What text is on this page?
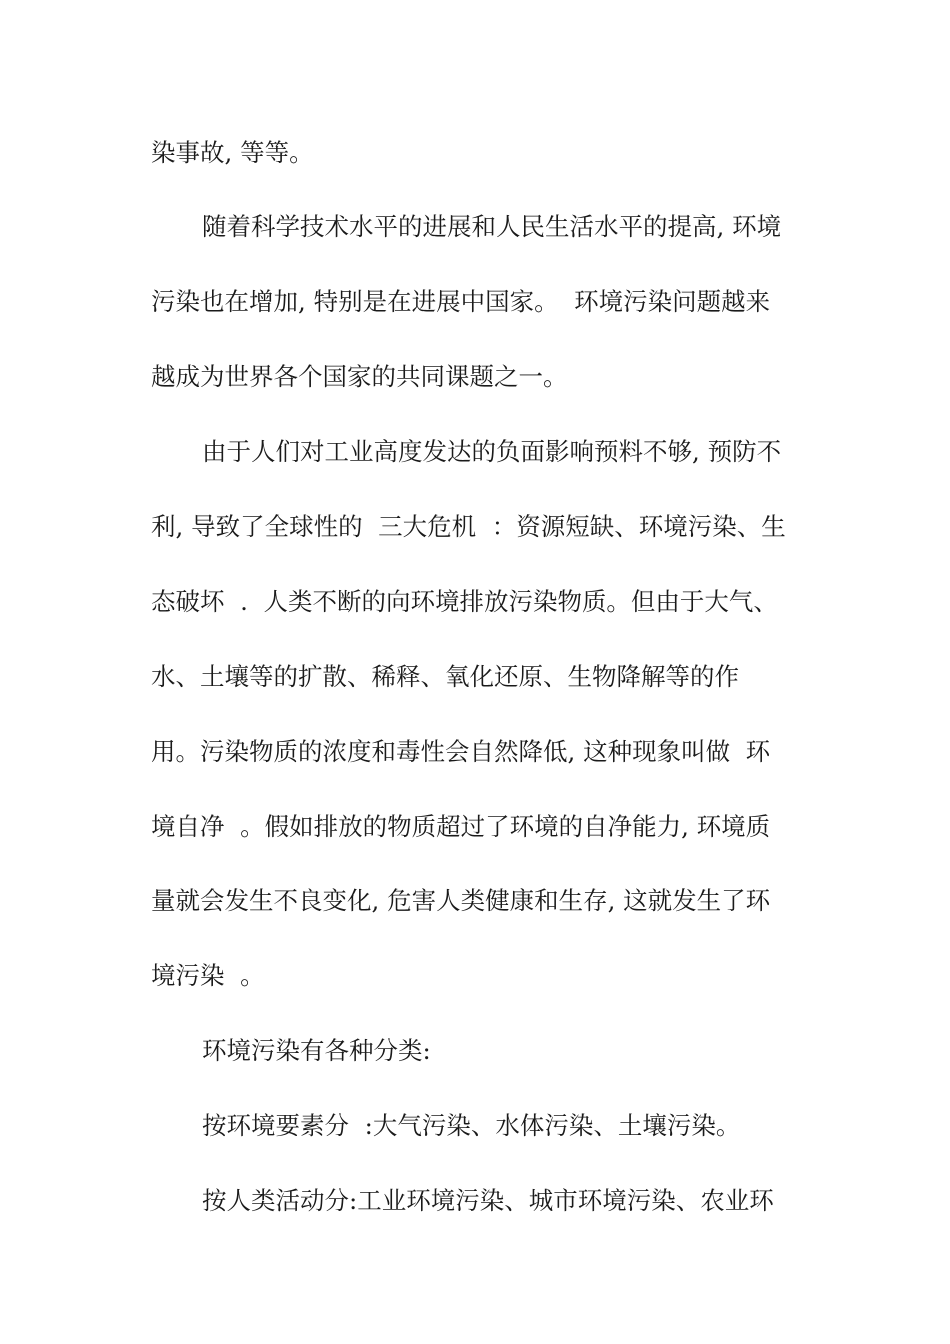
染事故, 等等。
随着科学技术水平的进展和人民生活水平的提高, 环境
污染也在增加, 特别是在进展中国家。  环境污染问题越来
越成为世界各个国家的共同课题之一。
由于人们对工业高度发达的负面影响预料不够, 预防不
利, 导致了全球性的  三大危机  ：资源短缺、环境污染、生
态破坏  .  人类不断的向环境排放污染物质。但由于大气、
水、土壤等的扩散、稀释、氧化还原、生物降解等的作
用。污染物质的浓度和毒性会自然降低, 这种现象叫做  环
境自净  。假如排放的物质超过了环境的自净能力, 环境质
量就会发生不良变化, 危害人类健康和生存, 这就发生了环
境污染  。
环境污染有各种分类:
按环境要素分  :大气污染、水体污染、土壤污染。
按人类活动分:工业环境污染、城市环境污染、农业环
